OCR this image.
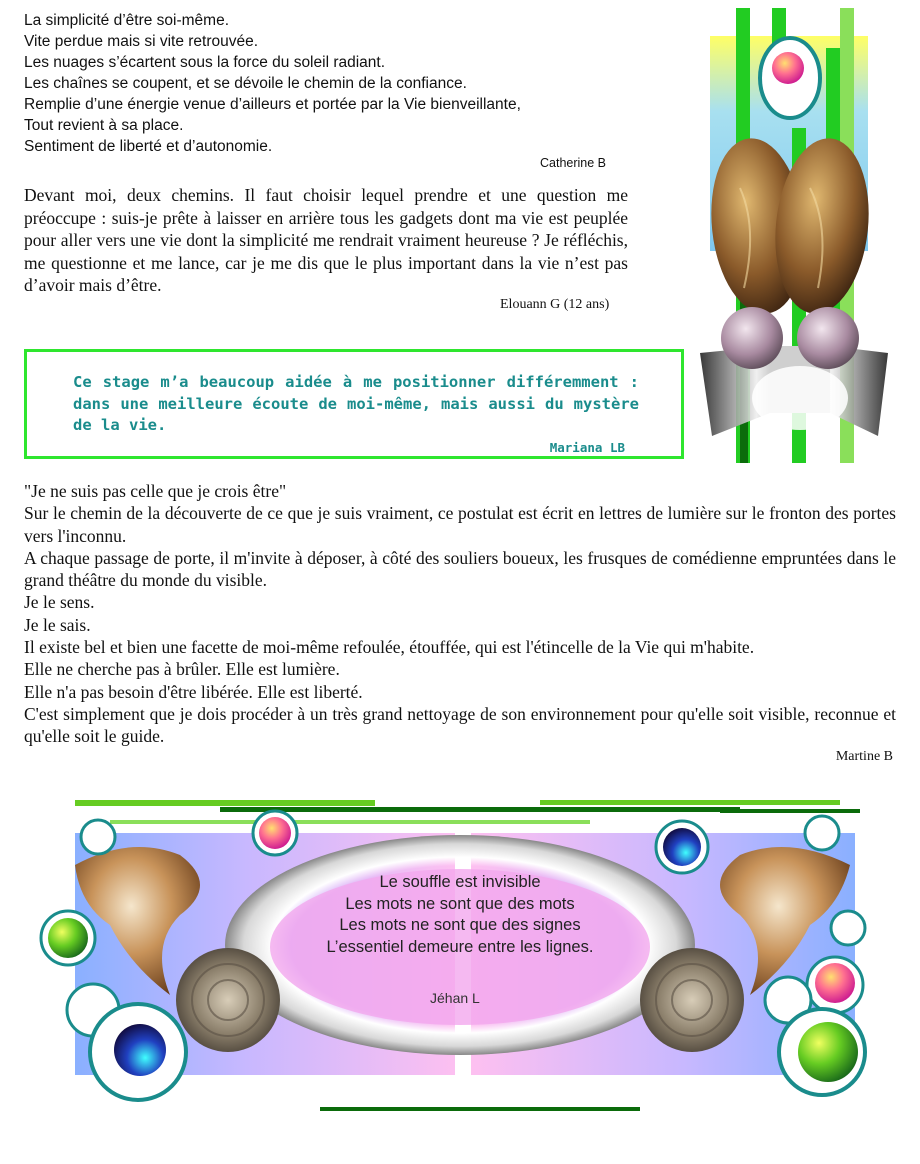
La simplicité d’être soi-même.
Vite perdue mais si vite retrouvée.
Les nuages s’écartent sous la force du soleil radiant.
Les chaînes se coupent, et se dévoile le chemin de la confiance.
Remplie d’une énergie venue d’ailleurs et portée par la Vie bienveillante,
Tout revient à sa place.
Sentiment de liberté et d’autonomie.
Catherine B
Devant moi, deux chemins. Il faut choisir lequel prendre et une question me préoccupe : suis-je prête à laisser en arrière tous les gadgets dont ma vie est peuplée pour aller vers une vie dont la simplicité me rendrait vraiment heureuse ? Je réfléchis, me questionne et me lance, car je me dis que le plus important dans la vie n’est pas d’avoir mais d’être.
Elouann G (12 ans)
Ce stage m’a beaucoup aidée à me positionner différemment : dans une meilleure écoute de moi-même, mais aussi du mystère de la vie.
Mariana LB
"Je ne suis pas celle que je crois être"
Sur le chemin de la découverte de ce que je suis vraiment, ce postulat est écrit en lettres de lumière sur le fronton des portes vers l'inconnu.
A chaque passage de porte, il m'invite à déposer, à côté des souliers boueux, les frusques de comédienne empruntées dans le grand théâtre du monde du visible.
Je le sens.
Je le sais.
Il existe bel et bien une facette de moi-même refoulée, étouffée, qui est l'étincelle de la Vie qui m'habite.
Elle ne cherche pas à brûler. Elle est lumière.
Elle n'a pas besoin d'être libérée. Elle est liberté.
C'est simplement que je dois procéder à un très grand nettoyage de son environnement pour qu'elle soit visible, reconnue et qu'elle soit le guide.
Martine B
Le souffle est invisible
Les mots ne sont que des mots
Les mots ne sont que des signes
L’essentiel demeure entre les lignes.
Jéhan L
